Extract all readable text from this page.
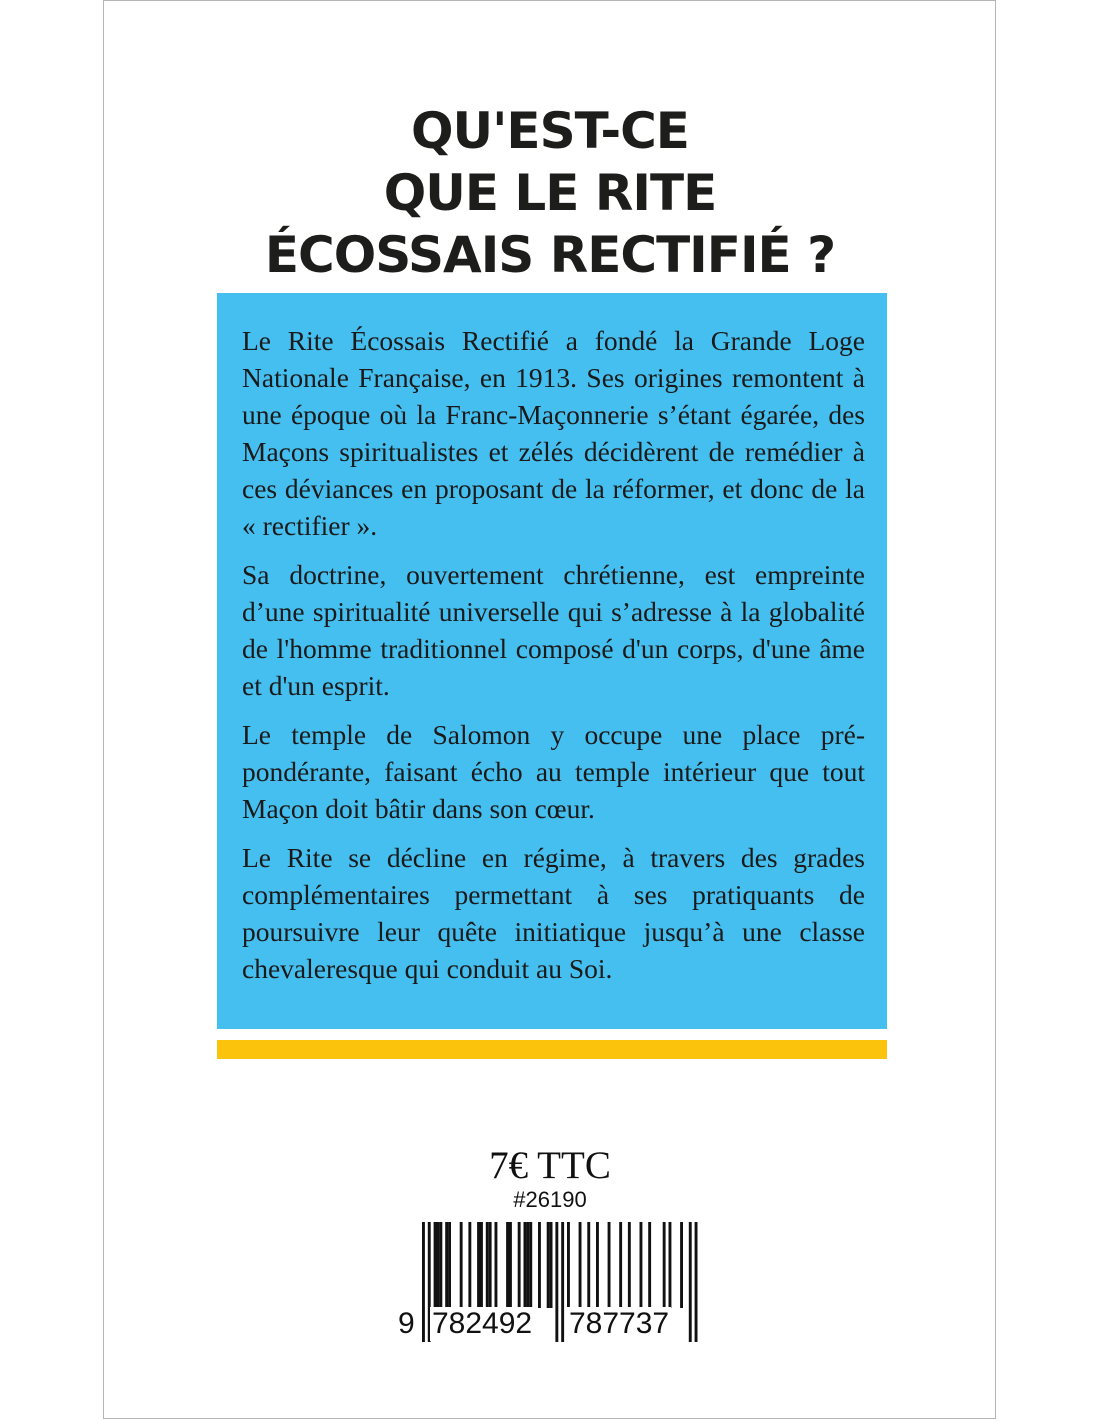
QU'EST-CE
QUE LE RITE
ÉCOSSAIS RECTIFIÉ ?

Le Rite Écossais Rectifié a fondé la Grande Loge Nationale Française, en 1913. Ses origines remontent à une époque où la Franc-Maçonnerie s’étant égarée, des Maçons spiritualistes et zélés décidèrent de remédier à ces déviances en proposant de la réformer, et donc de la « rectifier ».

Sa doctrine, ouvertement chrétienne, est empreinte d’une spiritualité universelle qui s’adresse à la globalité de l'homme traditionnel composé d'un corps, d'une âme et d'un esprit.

Le temple de Salomon y occupe une place prépondérante, faisant écho au temple intérieur que tout Maçon doit bâtir dans son cœur.

Le Rite se décline en régime, à travers des grades complémentaires permettant à ses pratiquants de poursuivre leur quête initiatique jusqu’à une classe chevaleresque qui conduit au Soi.

7€ TTC
#26190
9 782492 787737
